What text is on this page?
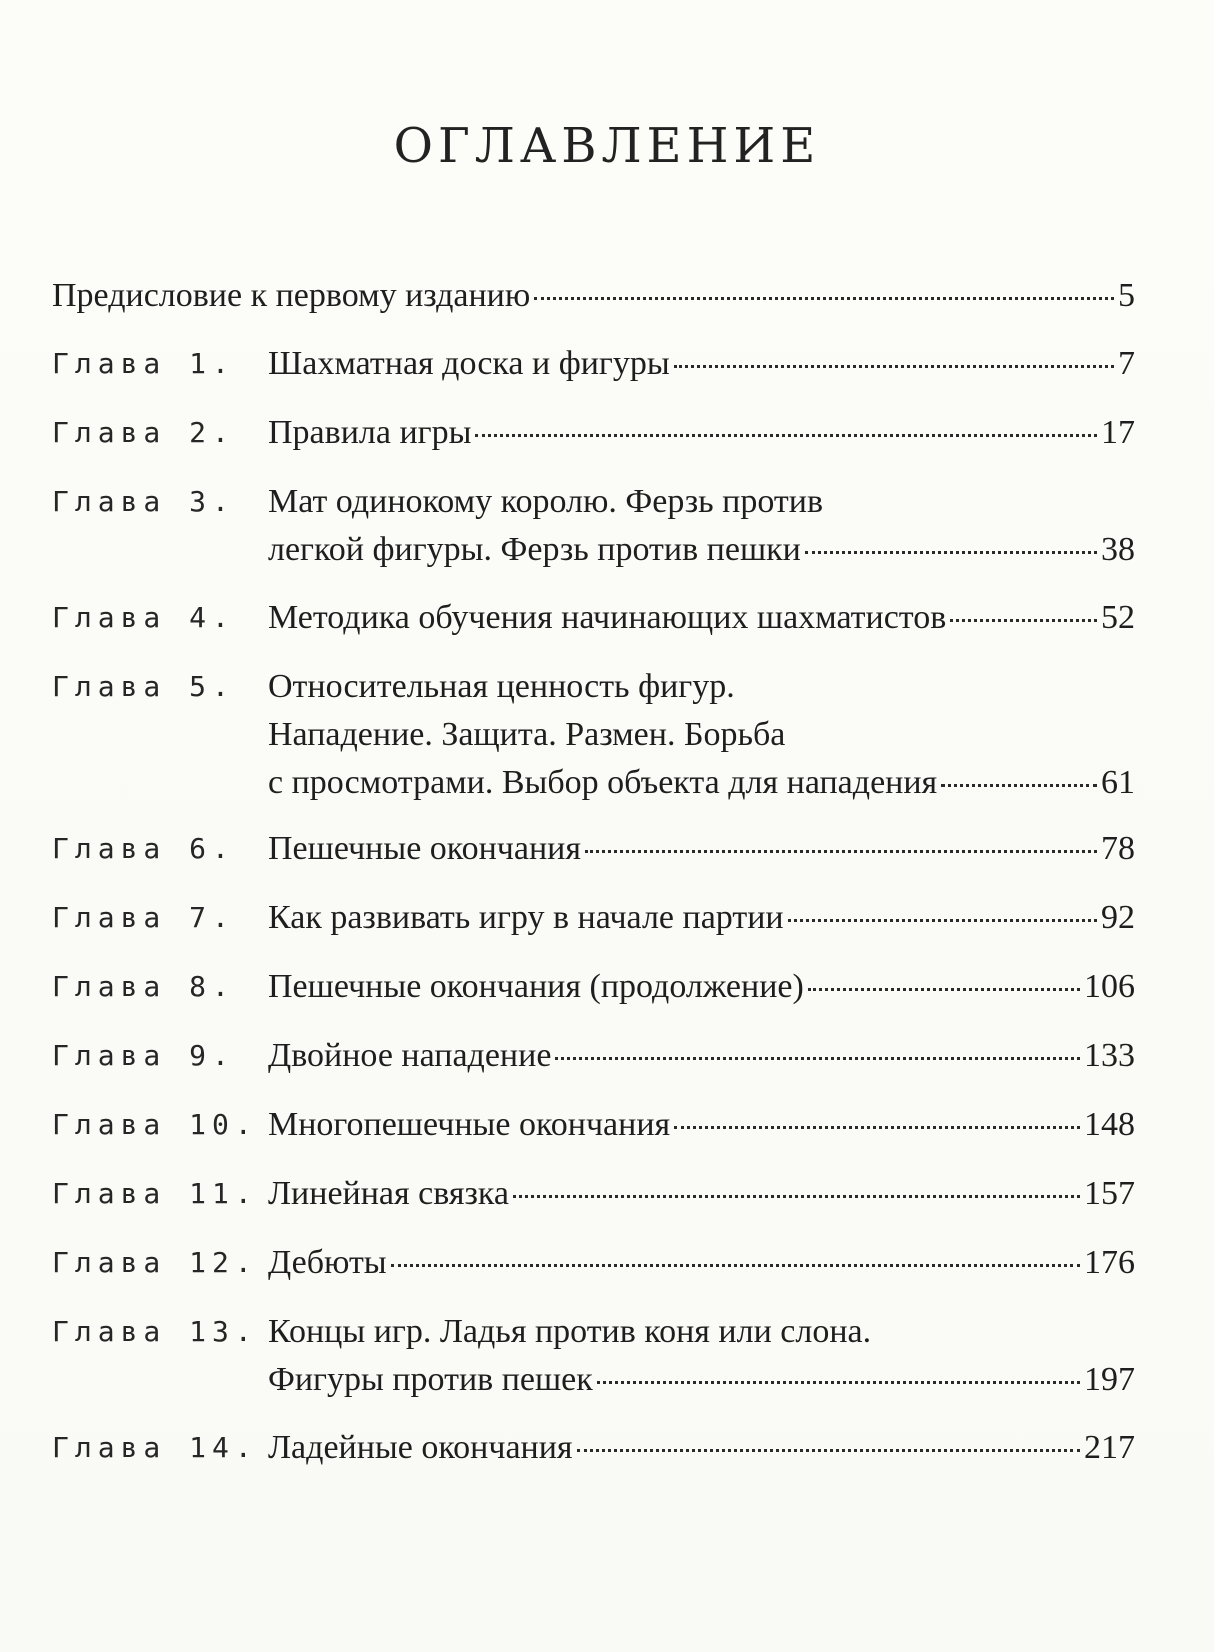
ОГЛАВЛЕНИЕ
Предисловие к первому изданию	5
Глава 1. Шахматная доска и фигуры	7
Глава 2. Правила игры	17
Глава 3. Мат одинокому королю. Ферзь против
легкой фигуры. Ферзь против пешки	38
Глава 4. Методика обучения начинающих шахматистов	52
Глава 5. Относительная ценность фигур.
Нападение. Защита. Размен. Борьба
с просмотрами. Выбор объекта для нападения	61
Глава 6. Пешечные окончания	78
Глава 7. Как развивать игру в начале партии	92
Глава 8. Пешечные окончания (продолжение)	106
Глава 9. Двойное нападение	133
Глава 10. Многопешечные окончания	148
Глава 11. Линейная связка	157
Глава 12. Дебюты	176
Глава 13. Концы игр. Ладья против коня или слона.
Фигуры против пешек	197
Глава 14. Ладейные окончания	217
